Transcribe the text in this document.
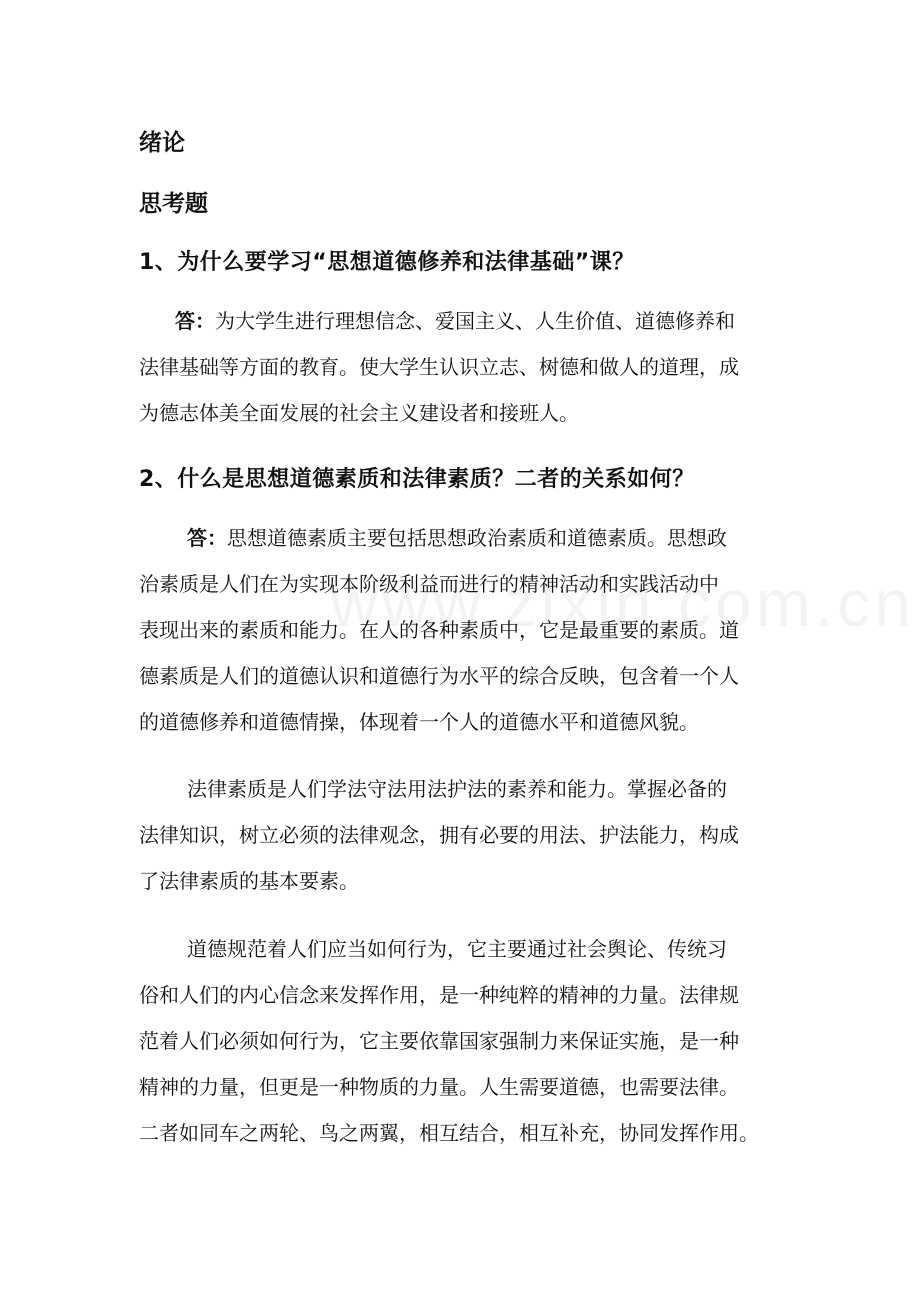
绪论
思考题
1、为什么要学习“思想道德修养和法律基础”课？
答：为大学生进行理想信念、爱国主义、人生价值、道德修养和
法律基础等方面的教育。使大学生认识立志、树德和做人的道理，成
为德志体美全面发展的社会主义建设者和接班人。
2、什么是思想道德素质和法律素质？二者的关系如何？
答：思想道德素质主要包括思想政治素质和道德素质。思想政
治素质是人们在为实现本阶级利益而进行的精神活动和实践活动中
表现出来的素质和能力。在人的各种素质中，它是最重要的素质。道
德素质是人们的道德认识和道德行为水平的综合反映，包含着一个人
的道德修养和道德情操，体现着一个人的道德水平和道德风貌。
法律素质是人们学法守法用法护法的素养和能力。掌握必备的
法律知识，树立必须的法律观念，拥有必要的用法、护法能力，构成
了法律素质的基本要素。
道德规范着人们应当如何行为，它主要通过社会舆论、传统习
俗和人们的内心信念来发挥作用，是一种纯粹的精神的力量。法律规
范着人们必须如何行为，它主要依靠国家强制力来保证实施，是一种
精神的力量，但更是一种物质的力量。人生需要道德，也需要法律。
二者如同车之两轮、鸟之两翼，相互结合，相互补充，协同发挥作用。
